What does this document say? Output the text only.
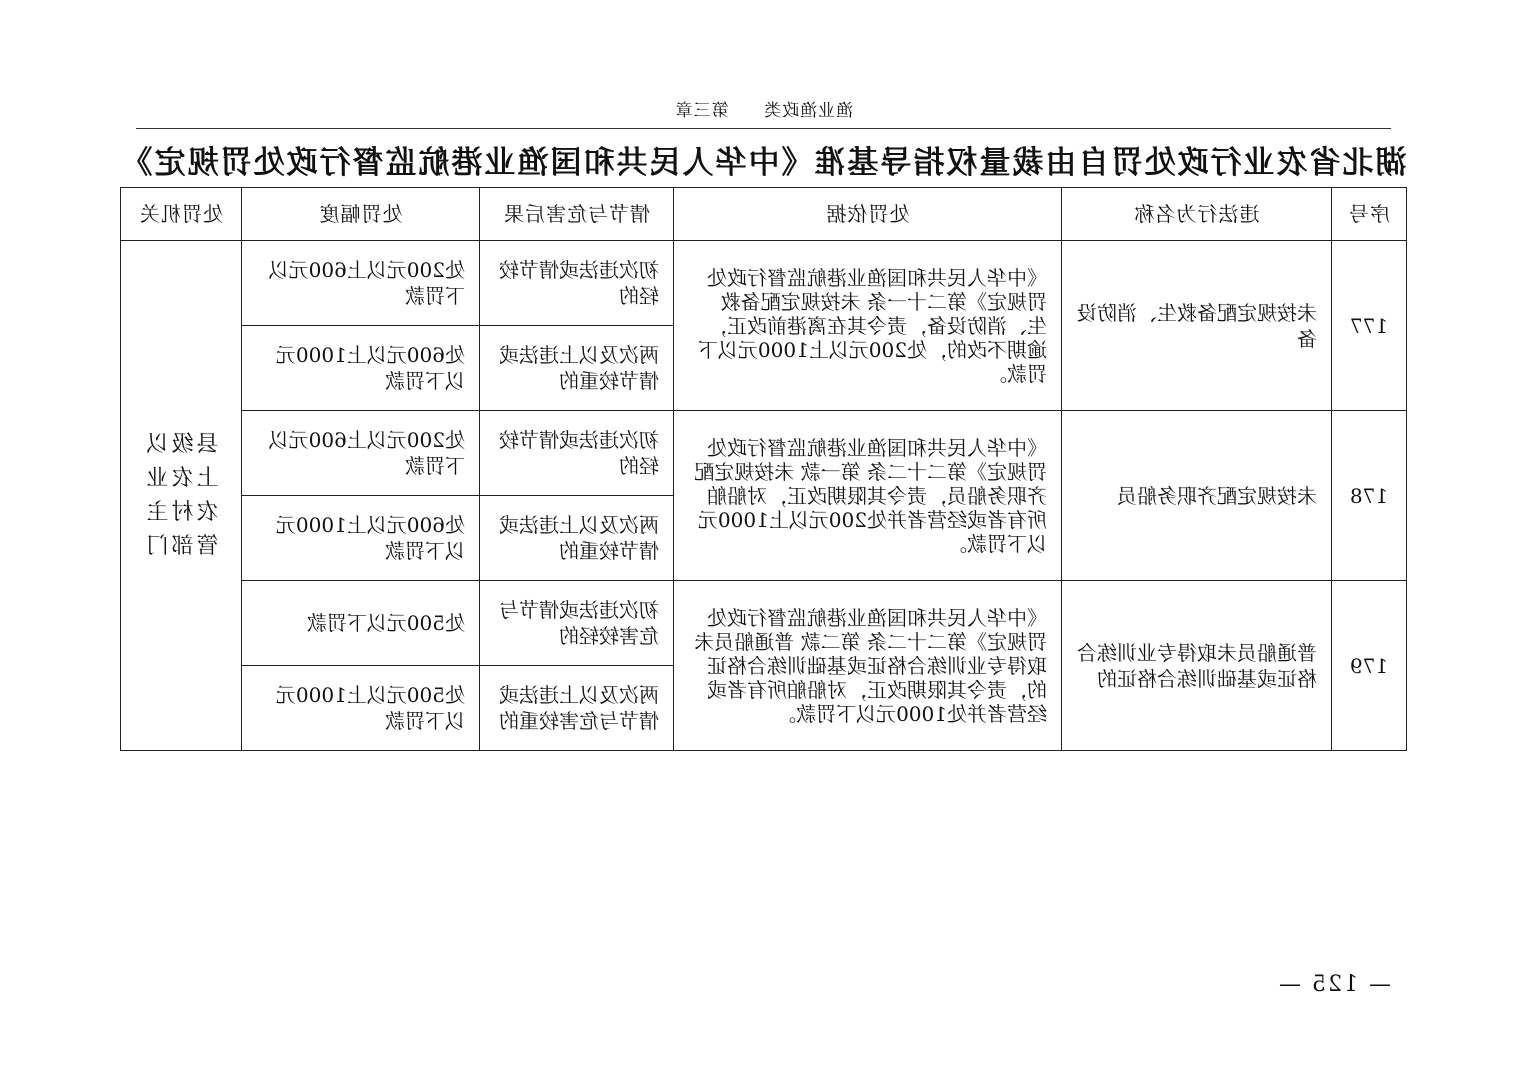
渔业渔政类 第三章
湖北省农业行政处罚自由裁量权指导基准《中华人民共和国渔业港航监督行政处罚规定》
序号	违法行为名称	处罚依据	情节与危害后果	处罚幅度	处罚机关
177	未按规定配备救生、消防设备	《中华人民共和国渔业港航监督行政处罚规定》第二十一条 未按规定配备救生、消防设备，责令其在离港前改正，逾期不改的，处200元以上1000元以下罚款。	初次违法或情节较轻的	处200元以上600元以下罚款	县级以上农业农村主管部门
			两次及以上违法或情节较重的	处600元以上1000元以下罚款	
178	未按规定配齐职务船员	《中华人民共和国渔业港航监督行政处罚规定》第二十二条 第一款 未按规定配齐职务船员，责令其限期改正，对船舶所有者或经营者并处200元以上1000元以下罚款。	初次违法或情节较轻的	处200元以上600元以下罚款	
			两次及以上违法或情节较重的	处600元以上1000元以下罚款	
179	普通船员未取得专业训练合格证或基础训练合格证的	《中华人民共和国渔业港航监督行政处罚规定》第二十二条 第二款 普通船员未取得专业训练合格证或基础训练合格证的，责令其限期改正，对船舶所有者或经营者并处1000元以下罚款。	初次违法或情节与危害较轻的	处500元以下罚款	
			两次及以上违法或情节与危害较重的	处500元以上1000元以下罚款	
— 125 —
